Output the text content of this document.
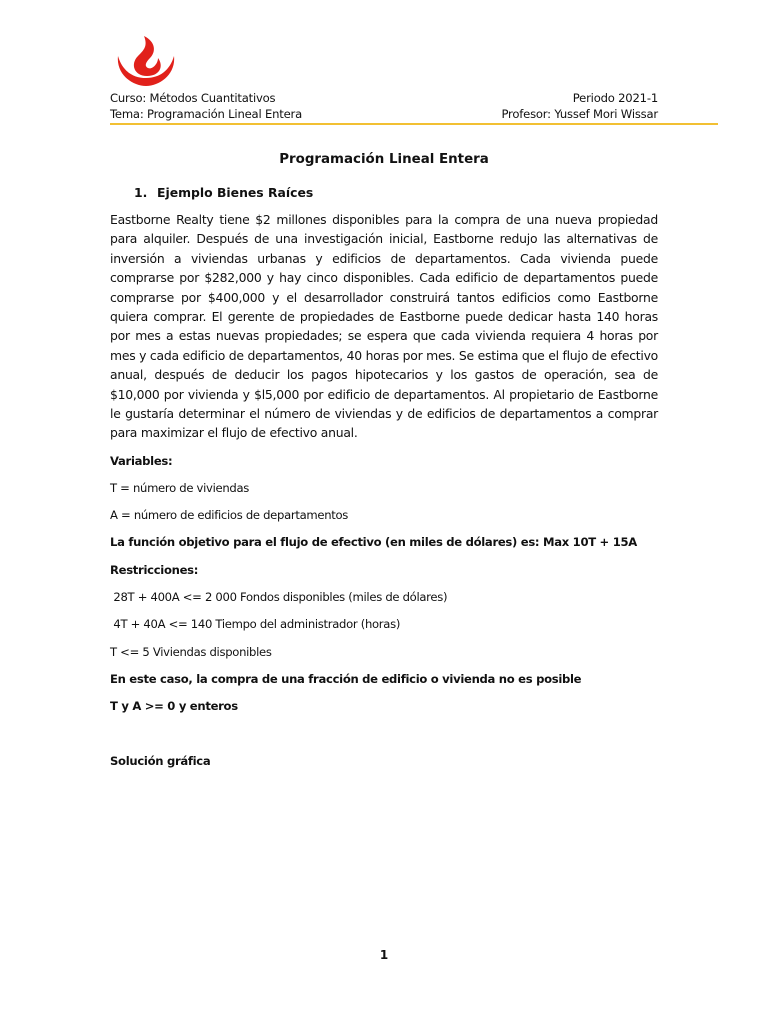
Curso: Métodos Cuantitativos
Tema: Programación Lineal Entera
Periodo 2021-1
Profesor: Yussef Mori Wissar
Programación Lineal Entera
1. Ejemplo Bienes Raíces
Eastborne Realty tiene $2 millones disponibles para la compra de una nueva propiedad para alquiler. Después de una investigación inicial, Eastborne redujo las alternativas de inversión a viviendas urbanas y edificios de departamentos. Cada vivienda puede comprarse por $282,000 y hay cinco disponibles. Cada edificio de departamentos puede comprarse por $400,000 y el desarrollador construirá tantos edificios como Eastborne quiera comprar. El gerente de propiedades de Eastborne puede dedicar hasta 140 horas por mes a estas nuevas propiedades; se espera que cada vivienda requiera 4 horas por mes y cada edificio de departamentos, 40 horas por mes. Se estima que el flujo de efectivo anual, después de deducir los pagos hipotecarios y los gastos de operación, sea de $10,000 por vivienda y $l5,000 por edificio de departamentos. Al propietario de Eastborne le gustaría determinar el número de viviendas y de edificios de departamentos a comprar para maximizar el flujo de efectivo anual.
Variables:
T = número de viviendas
A = número de edificios de departamentos
La función objetivo para el flujo de efectivo (en miles de dólares) es: Max 10T + 15A
Restricciones:
28T + 400A <= 2 000 Fondos disponibles (miles de dólares)
4T + 40A <= 140 Tiempo del administrador (horas)
T <= 5 Viviendas disponibles
En este caso, la compra de una fracción de edificio o vivienda no es posible
T y A >= 0 y enteros
Solución gráfica
1
